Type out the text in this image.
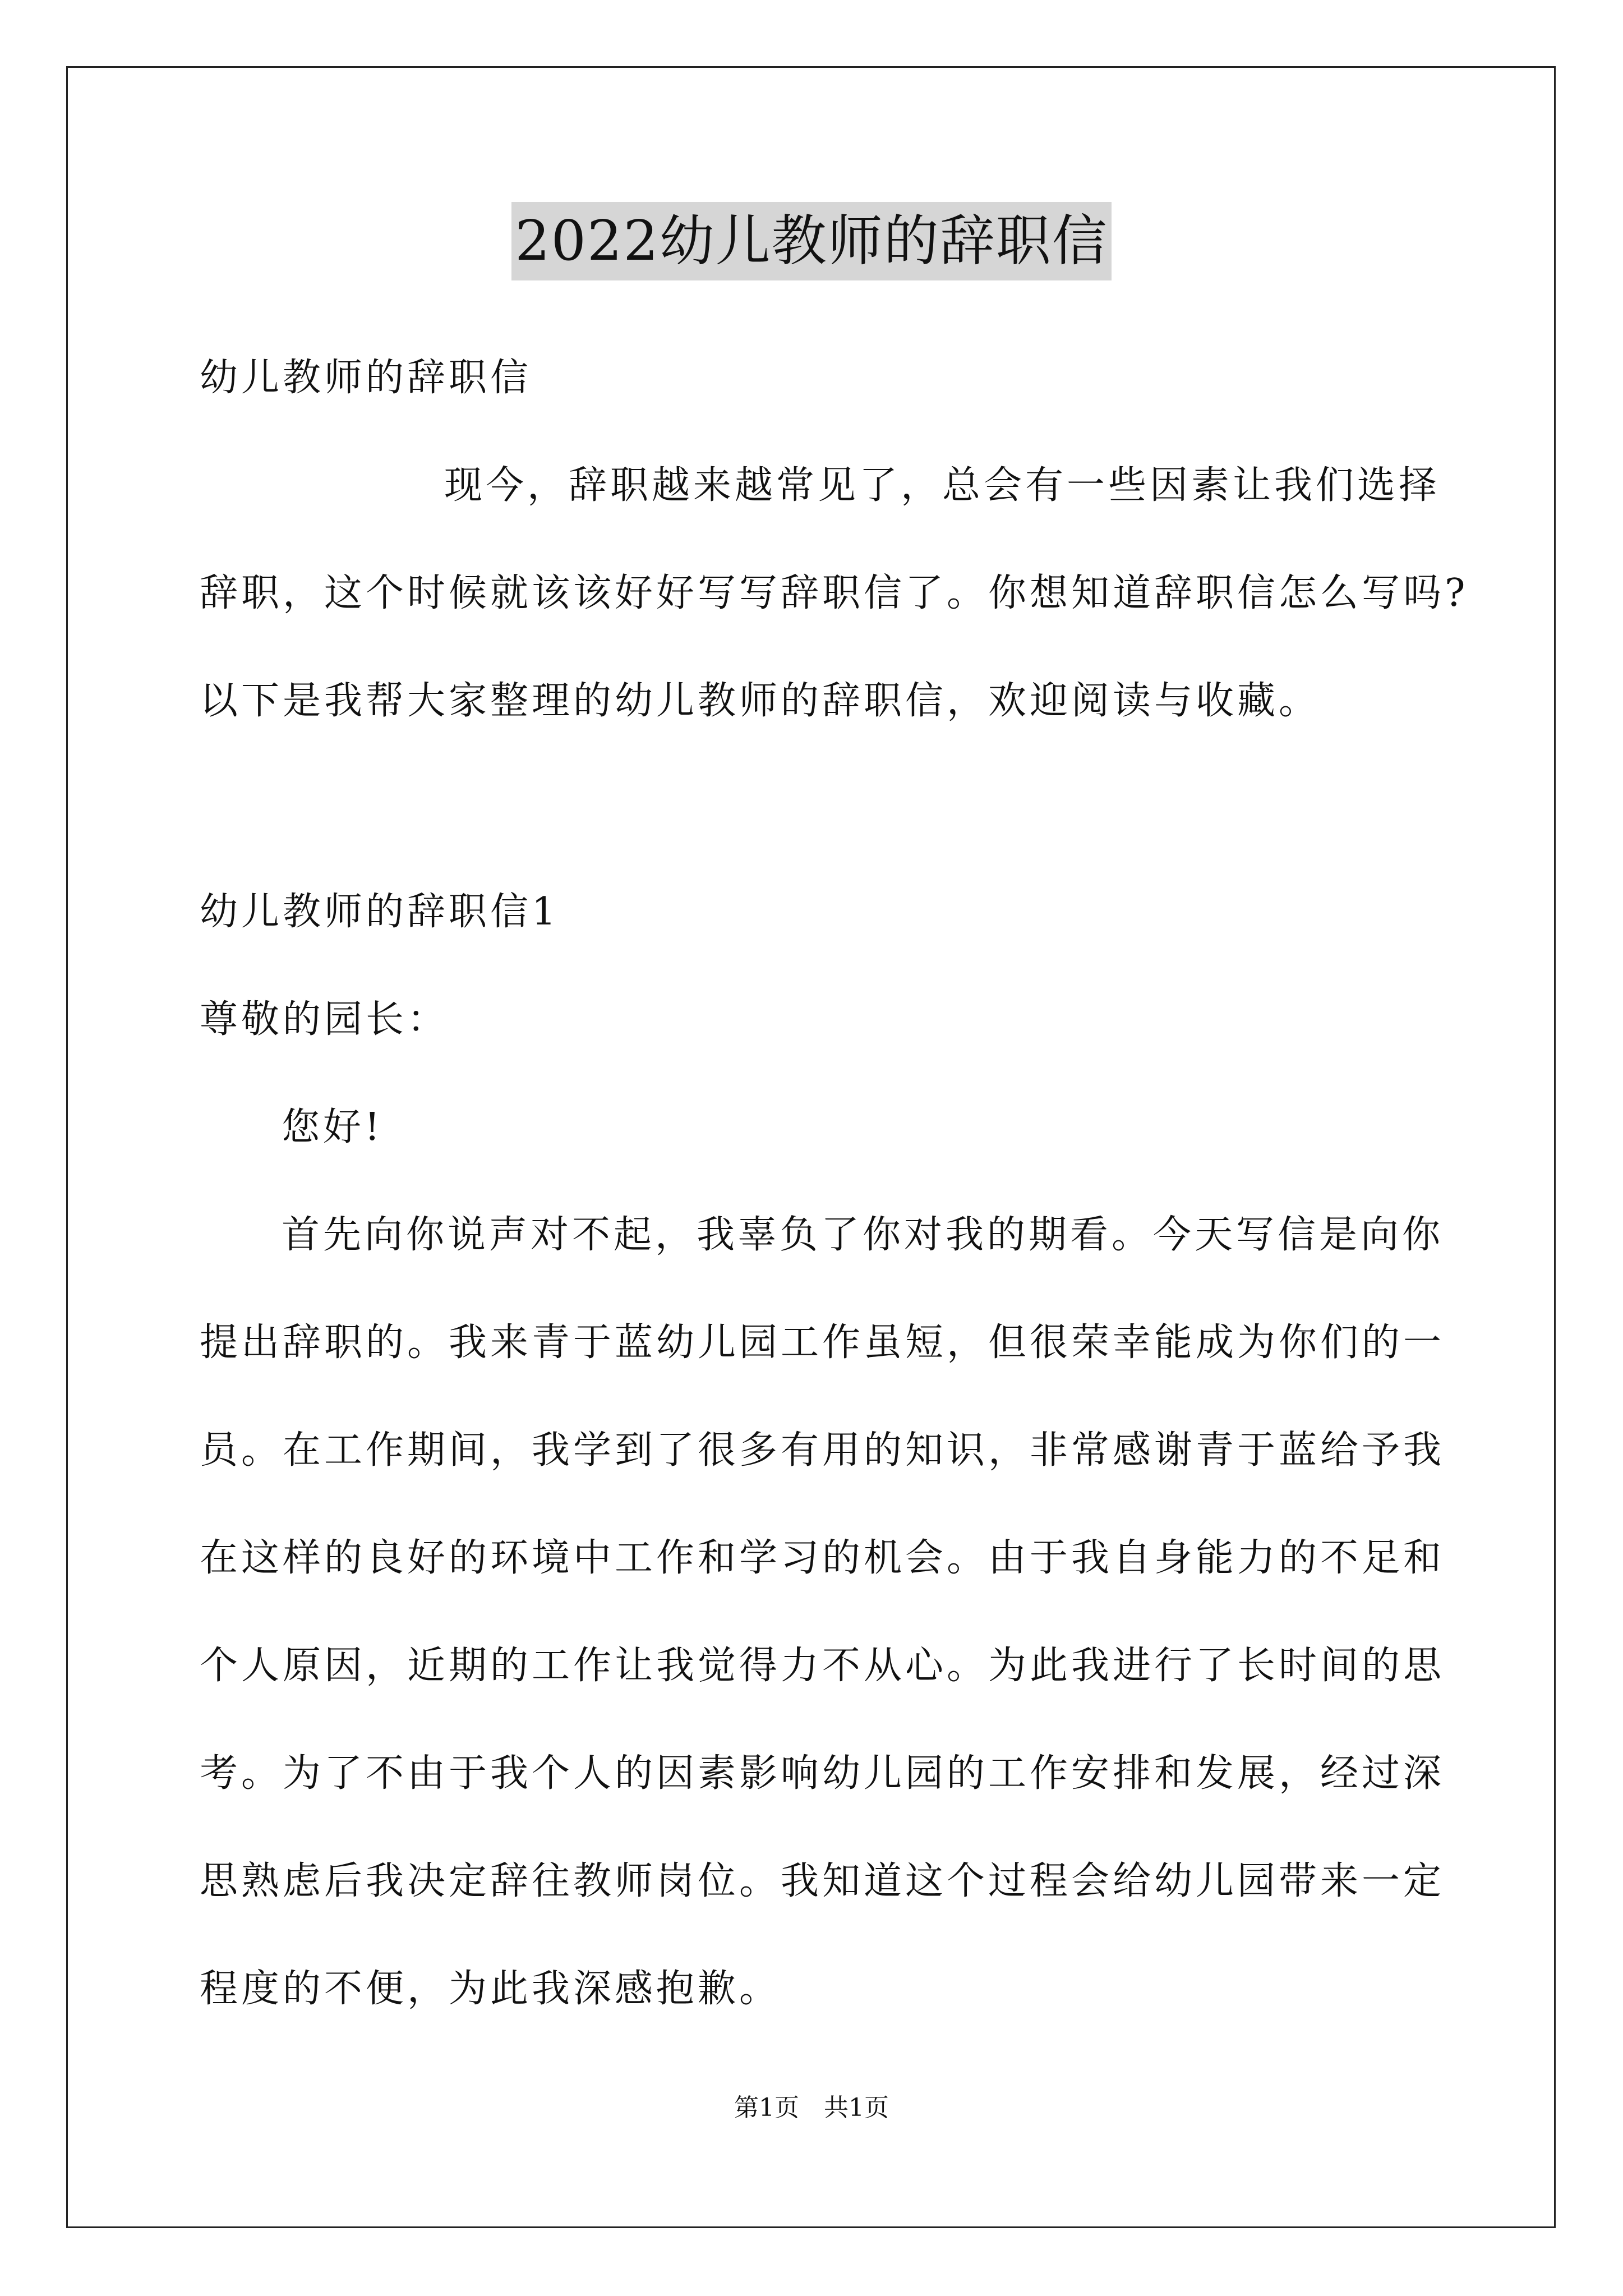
2022幼儿教师的辞职信
幼儿教师的辞职信
现今，辞职越来越常见了，总会有一些因素让我们选择
辞职，这个时候就该该好好写写辞职信了。你想知道辞职信怎么写吗?
以下是我帮大家整理的幼儿教师的辞职信，欢迎阅读与收藏。
幼儿教师的辞职信1
尊敬的园长：
您好!
首先向你说声对不起，我辜负了你对我的期看。今天写信是向你
提出辞职的。我来青于蓝幼儿园工作虽短，但很荣幸能成为你们的一
员。在工作期间，我学到了很多有用的知识，非常感谢青于蓝给予我
在这样的良好的环境中工作和学习的机会。由于我自身能力的不足和
个人原因，近期的工作让我觉得力不从心。为此我进行了长时间的思
考。为了不由于我个人的因素影响幼儿园的工作安排和发展，经过深
思熟虑后我决定辞往教师岗位。我知道这个过程会给幼儿园带来一定
程度的不便，为此我深感抱歉。
第1页　共1页
